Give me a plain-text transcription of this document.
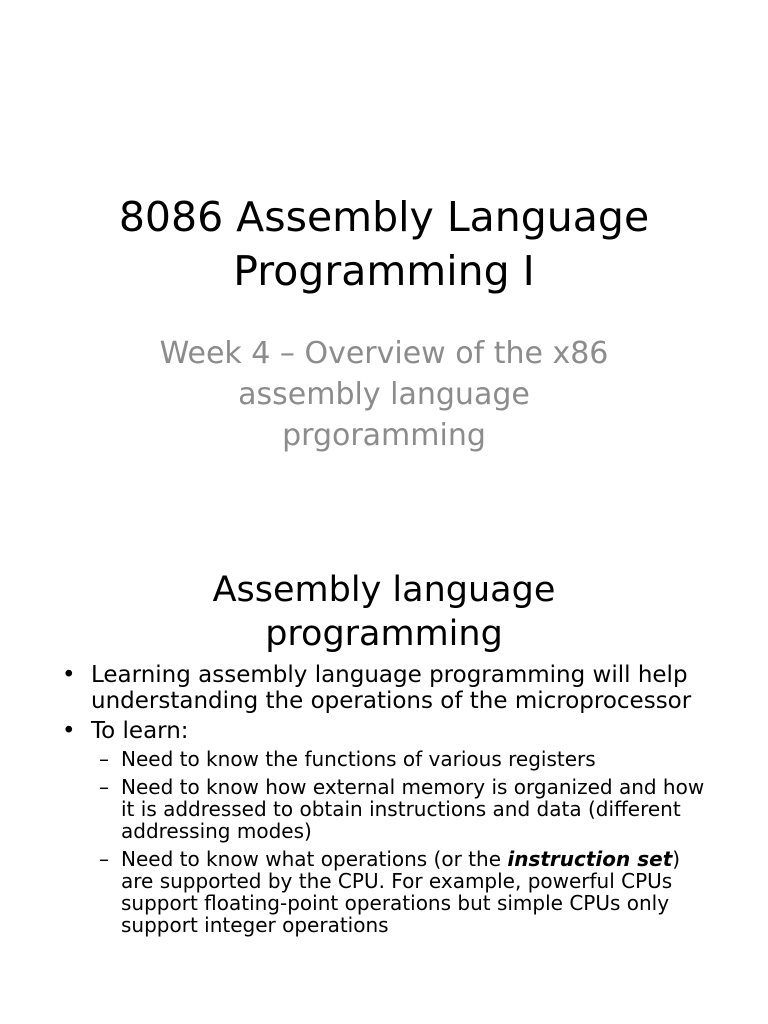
8086 Assembly Language
Programming I

Week 4 – Overview of the x86
assembly language
prgoramming

Assembly language
programming
• Learning assembly language programming will help understanding the operations of the microprocessor
• To learn:
– Need to know the functions of various registers
– Need to know how external memory is organized and how it is addressed to obtain instructions and data (different addressing modes)
– Need to know what operations (or the instruction set) are supported by the CPU. For example, powerful CPUs support floating-point operations but simple CPUs only support integer operations
